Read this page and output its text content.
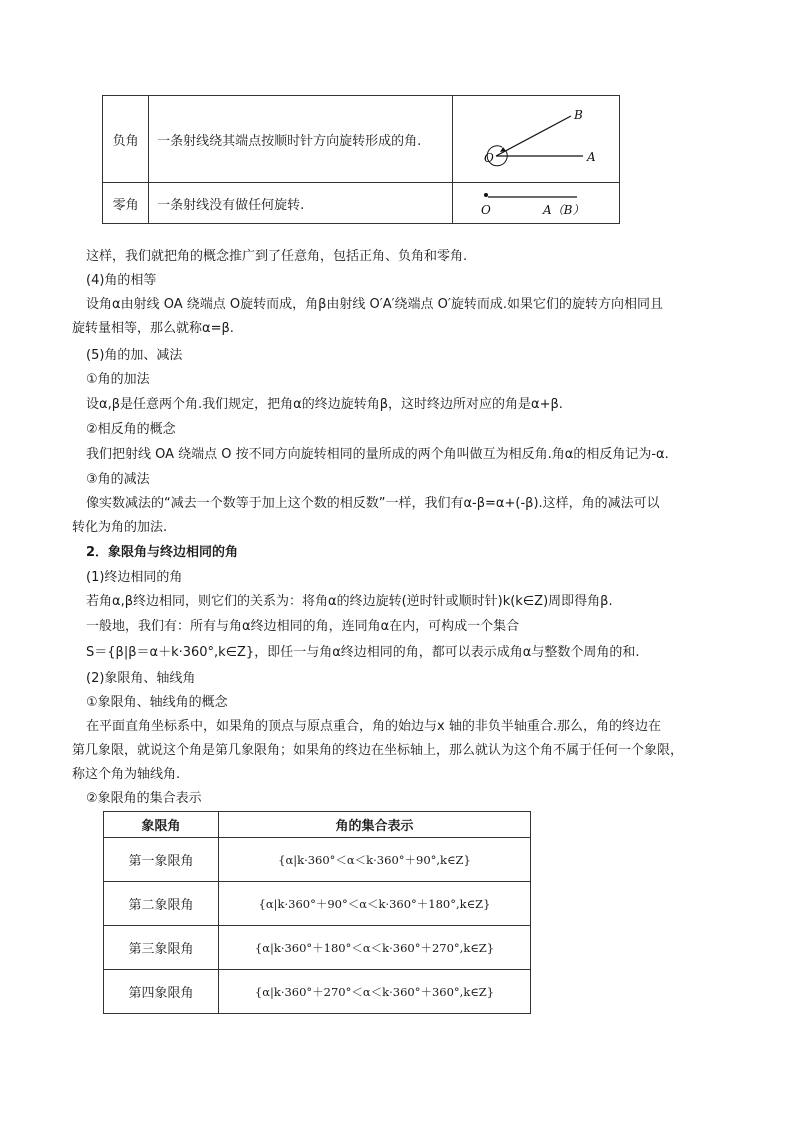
负角	一条射线绕其端点按顺时针方向旋转形成的角.	O A
B

零角	一条射线没有做任何旋转.	O A（B）
这样，我们就把角的概念推广到了任意角，包括正角、负角和零角.
(4)角的相等
设角α由射线 OA 绕端点 O旋转而成，角β由射线 O′A′绕端点 O′旋转而成.如果它们的旋转方向相同且
旋转量相等，那么就称α=β.
(5)角的加、减法
①角的加法
设α,β是任意两个角.我们规定，把角α的终边旋转角β，这时终边所对应的角是α+β.
②相反角的概念
我们把射线 OA 绕端点 O 按不同方向旋转相同的量所成的两个角叫做互为相反角.角α的相反角记为-α.
③角的减法
像实数减法的“减去一个数等于加上这个数的相反数”一样，我们有α-β=α+(-β).这样，角的减法可以
转化为角的加法.
2．象限角与终边相同的角
(1)终边相同的角
若角α,β终边相同，则它们的关系为：将角α的终边旋转(逆时针或顺时针)k(k∈Z)周即得角β.
一般地，我们有：所有与角α终边相同的角，连同角α在内，可构成一个集合
S＝{β|β＝α＋k·360°,k∈Z}，即任一与角α终边相同的角，都可以表示成角α与整数个周角的和.
(2)象限角、轴线角
①象限角、轴线角的概念
在平面直角坐标系中，如果角的顶点与原点重合，角的始边与x 轴的非负半轴重合.那么，角的终边在
第几象限，就说这个角是第几象限角；如果角的终边在坐标轴上，那么就认为这个角不属于任何一个象限，
称这个角为轴线角.
②象限角的集合表示
象限角	角的集合表示
第一象限角	{α|k·360°＜α＜k·360°＋90°,k∈Z}
第二象限角	{α|k·360°＋90°＜α＜k·360°＋180°,k∈Z}
第三象限角	{α|k·360°＋180°＜α＜k·360°＋270°,k∈Z}
第四象限角	{α|k·360°＋270°＜α＜k·360°＋360°,k∈Z}
